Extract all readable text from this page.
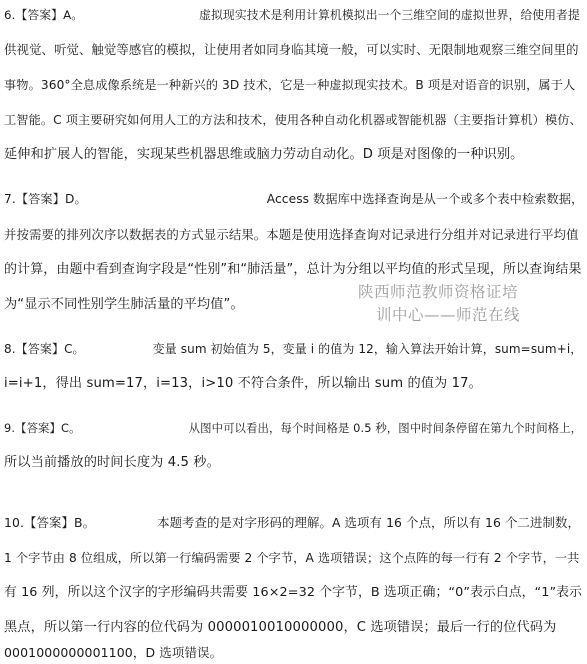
6.【答案】A。	虚拟现实技术是利用计算机模拟出一个三维空间的虚拟世界，给使用者提
供视觉、听觉、触觉等感官的模拟，让使用者如同身临其境一般，可以实时、无限制地观察三维空间里的
事物。360°全息成像系统是一种新兴的 3D 技术，它是一种虚拟现实技术。B 项是对语音的识别，属于人
工智能。C 项主要研究如何用人工的方法和技术，使用各种自动化机器或智能机器（主要指计算机）模仿、
延伸和扩展人的智能，实现某些机器思维或脑力劳动自动化。D 项是对图像的一种识别。
7.【答案】D。	Access 数据库中选择查询是从一个或多个表中检索数据，
并按需要的排列次序以数据表的方式显示结果。本题是使用选择查询对记录进行分组并对记录进行平均值
的计算，由题中看到查询字段是“性别”和“肺活量”，总计为分组以平均值的形式呈现，所以查询结果
为“显示不同性别学生肺活量的平均值”。
8.【答案】C。	变量 sum 初始值为 5，变量 i 的值为 12，输入算法开始计算，sum=sum+i，
i=i+1，得出 sum=17，i=13，i>10 不符合条件，所以输出 sum 的值为 17。
9.【答案】C。	从图中可以看出，每个时间格是 0.5 秒，图中时间条停留在第九个时间格上，
所以当前播放的时间长度为 4.5 秒。
10.【答案】B。	本题考查的是对字形码的理解。A 选项有 16 个点，所以有 16 个二进制数，
1 个字节由 8 位组成，所以第一行编码需要 2 个字节，A 选项错误；这个点阵的每一行有 2 个字节，一共
有 16 列，所以这个汉字的字形编码共需要 16×2=32 个字节，B 选项正确；“0”表示白点，“1”表示
黑点，所以第一行内容的位代码为 0000010010000000，C 选项错误；最后一行的位代码为
0001000000001100，D 选项错误。
陕西师范教师资格证培
训中心——师范在线
